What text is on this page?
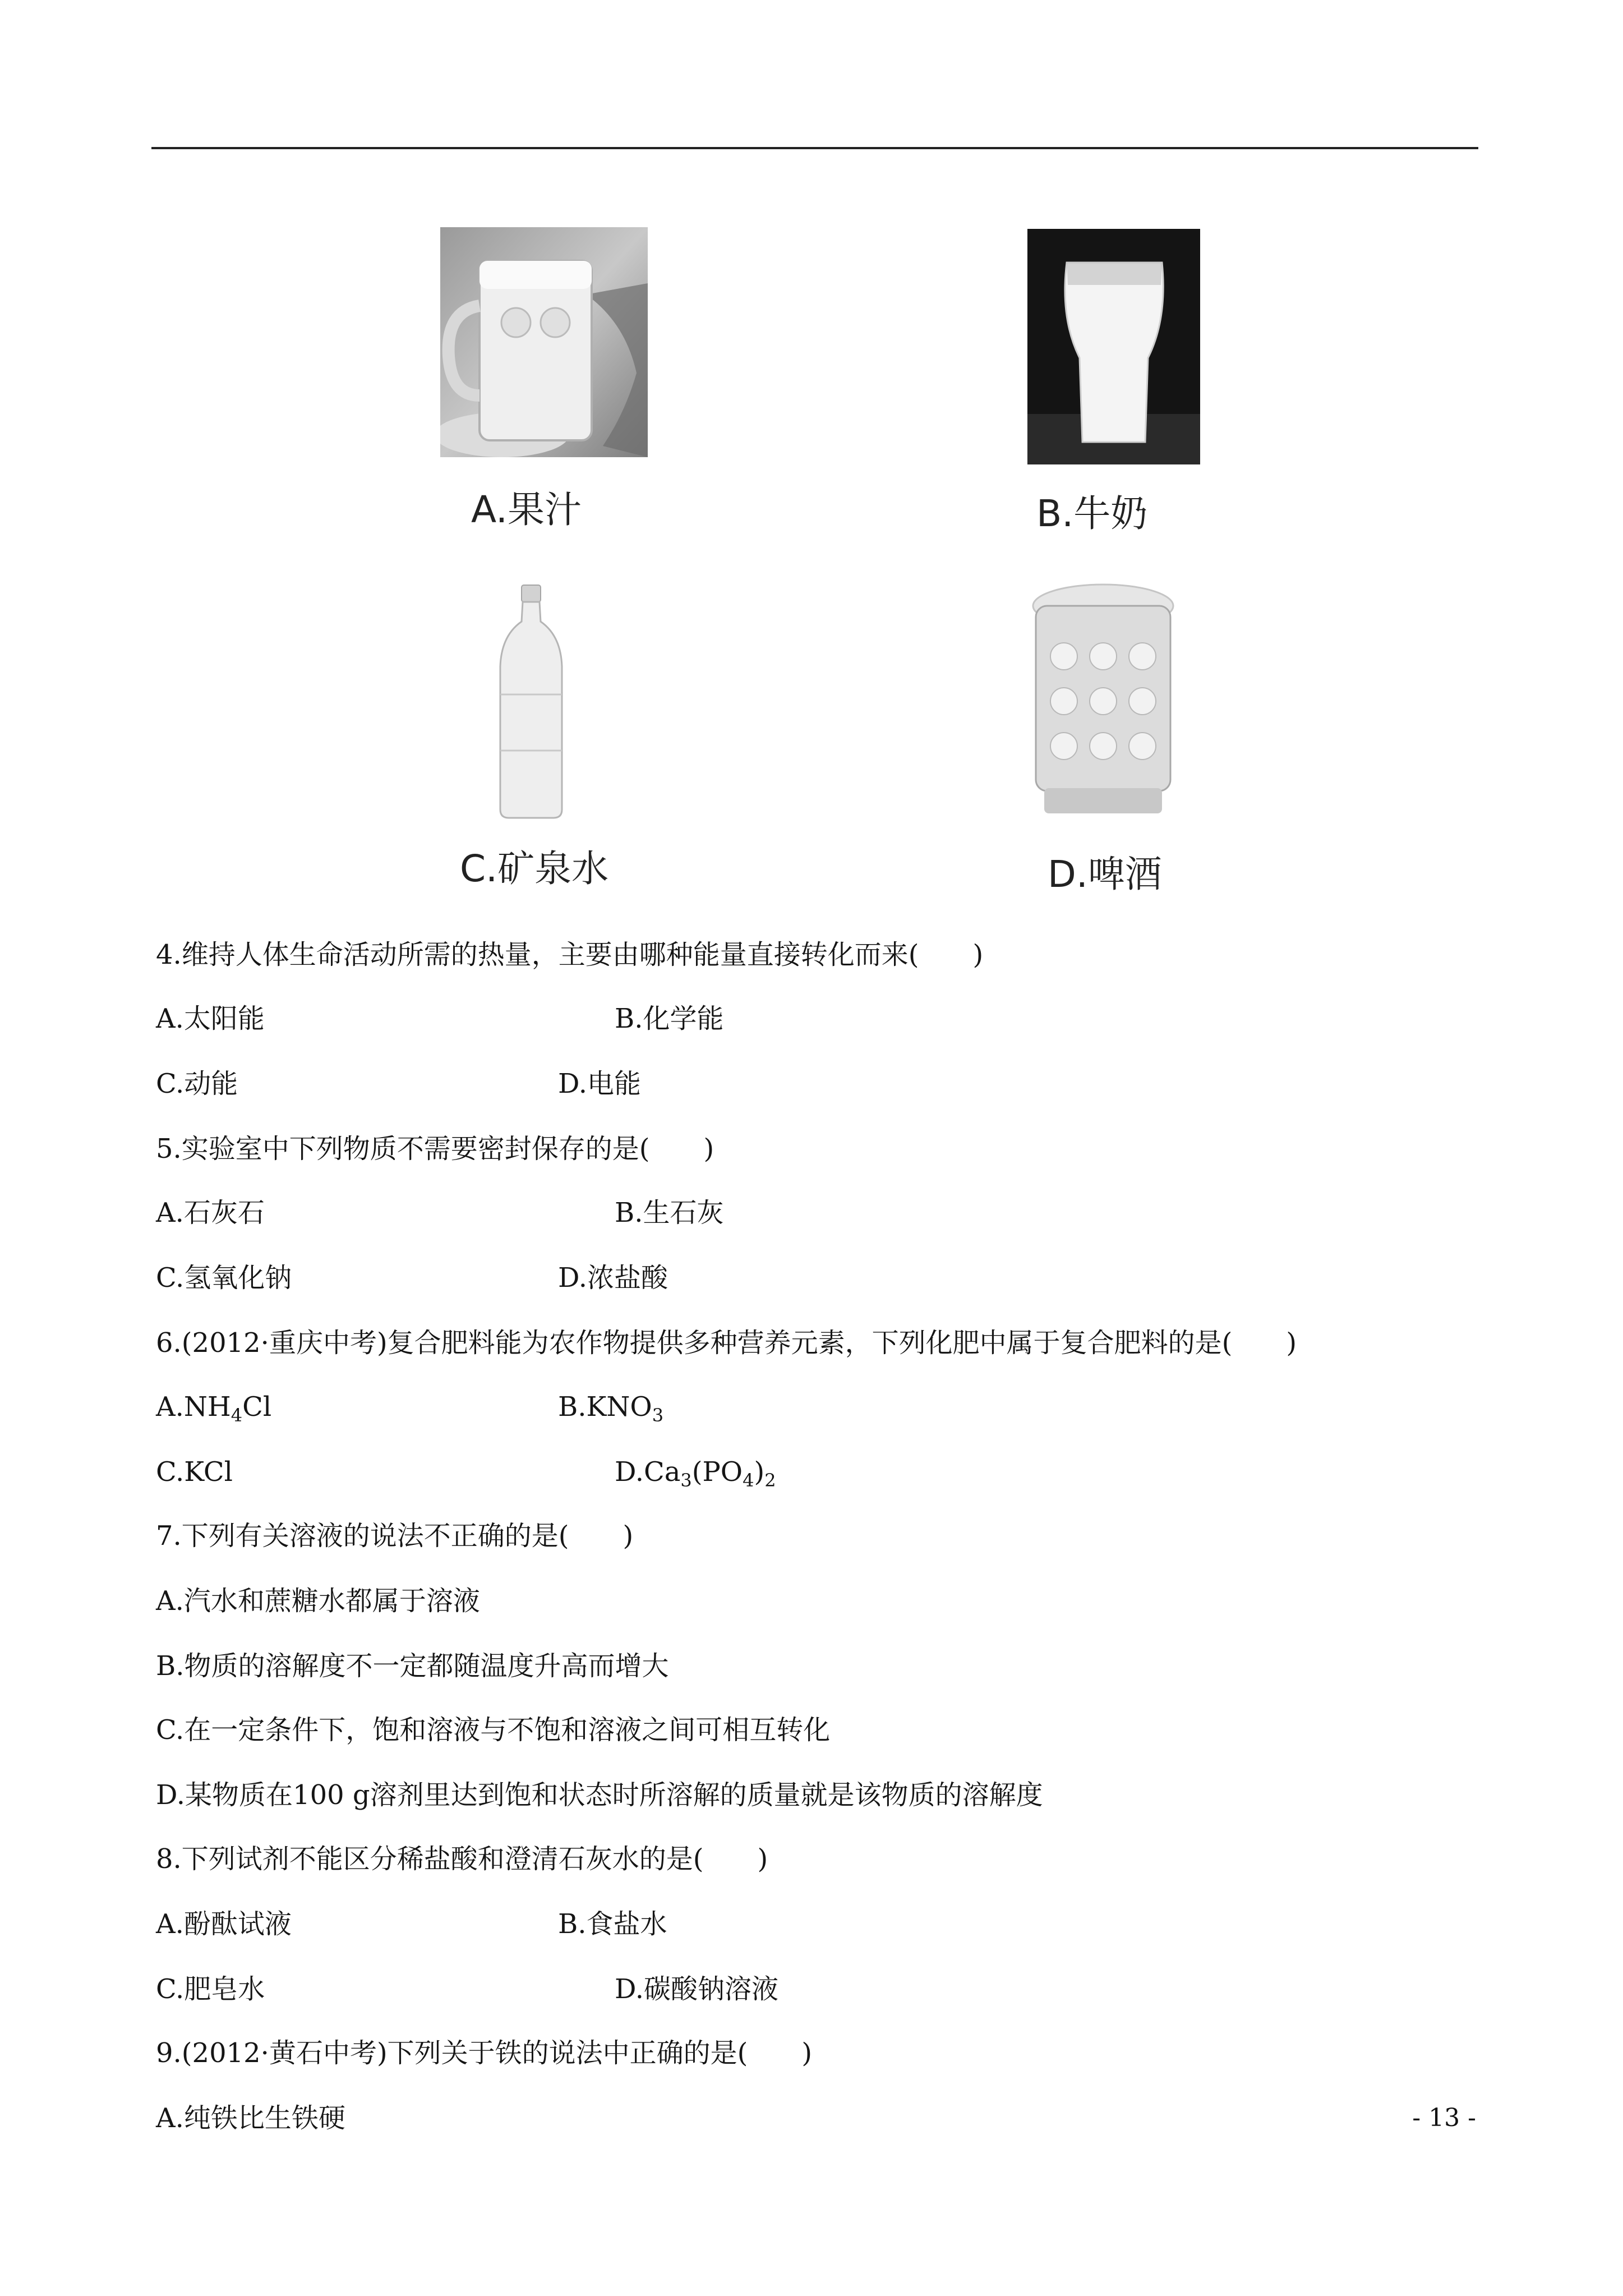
A.果汁	B.牛奶
C.矿泉水	D.啤酒
4.维持人体生命活动所需的热量，主要由哪种能量直接转化而来(　　)
A.太阳能	B.化学能
C.动能	D.电能
5.实验室中下列物质不需要密封保存的是(　　)
A.石灰石	B.生石灰
C.氢氧化钠	D.浓盐酸
6.(2012·重庆中考)复合肥料能为农作物提供多种营养元素，下列化肥中属于复合肥料的是(　　)
$A.NH_4Cl$	$B.KNO_3$
C.KCl	$D.Ca_3(PO_4)_2$
7.下列有关溶液的说法不正确的是(　　)
A.汽水和蔗糖水都属于溶液
B.物质的溶解度不一定都随温度升高而增大
C.在一定条件下，饱和溶液与不饱和溶液之间可相互转化
D.某物质在100 g溶剂里达到饱和状态时所溶解的质量就是该物质的溶解度
8.下列试剂不能区分稀盐酸和澄清石灰水的是(　　)
A.酚酞试液	B.食盐水
C.肥皂水	D.碳酸钠溶液
9.(2012·黄石中考)下列关于铁的说法中正确的是(　　)
A.纯铁比生铁硬	- 13 -
